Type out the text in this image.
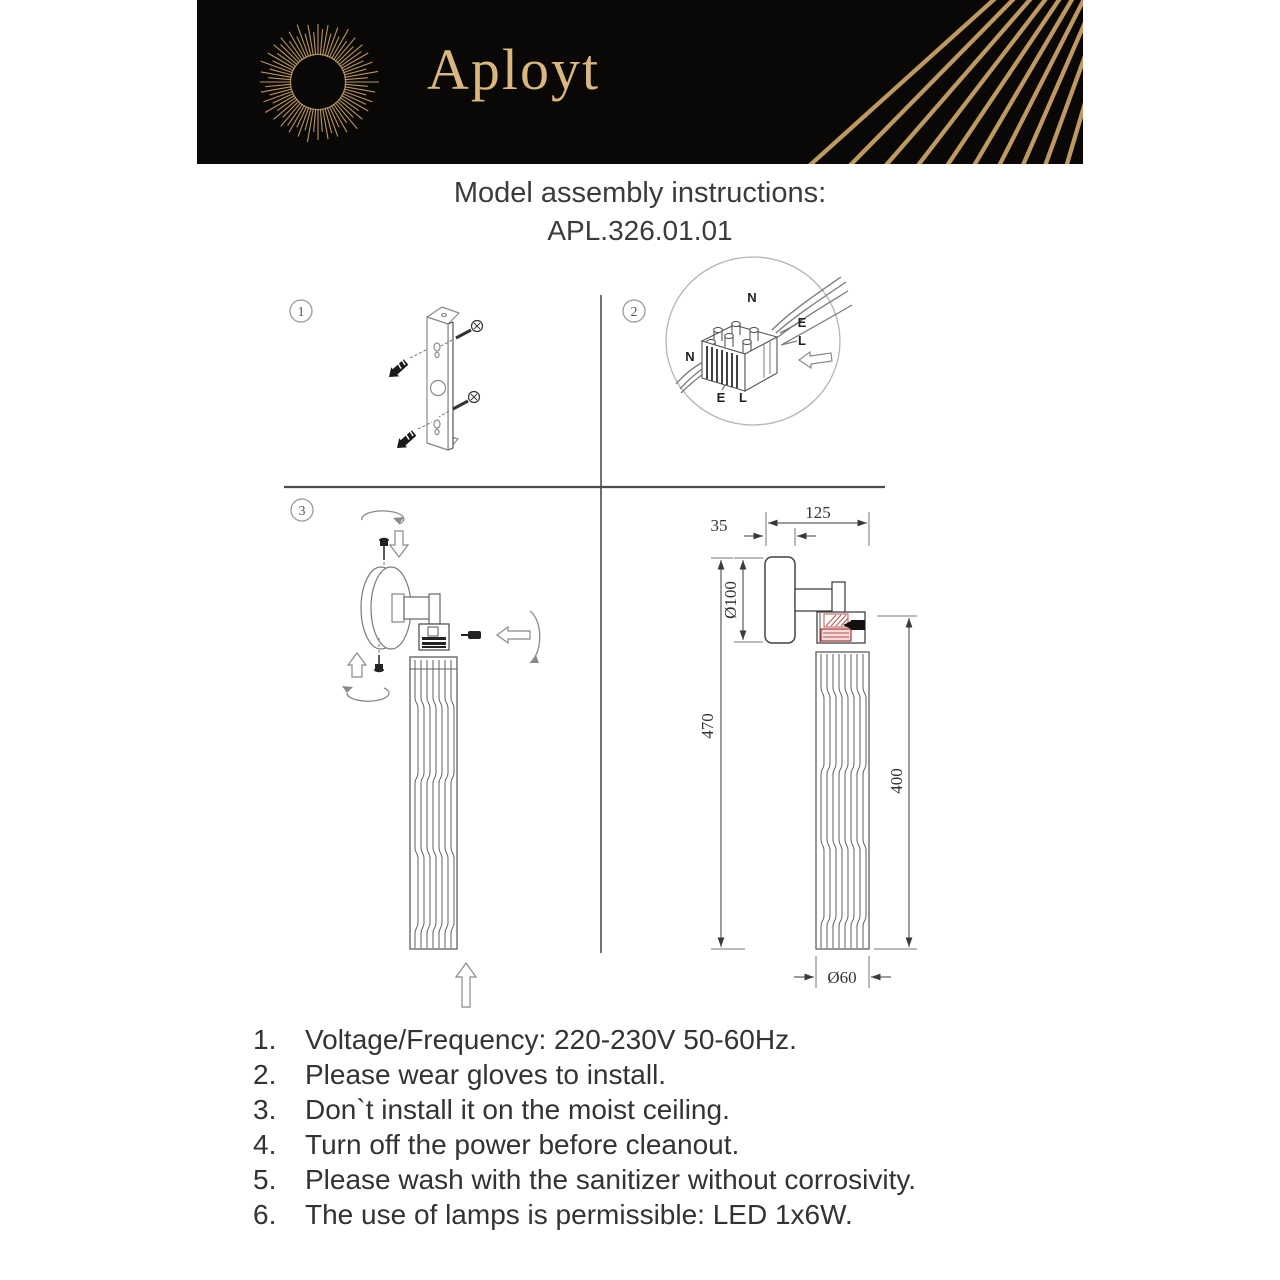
Aployt
Model assembly instructions:
APL.326.01.01
1	2
N
E
L
N
E L
3	125
35
Ø100
470
400
Ø60
1.	Voltage/Frequency: 220-230V 50-60Hz.
2.	Please wear gloves to install.
3.	Don`t install it on the moist ceiling.
4.	Turn off the power before cleanout.
5.	Please wash with the sanitizer without corrosivity.
6.	The use of lamps is permissible: LED 1x6W.
